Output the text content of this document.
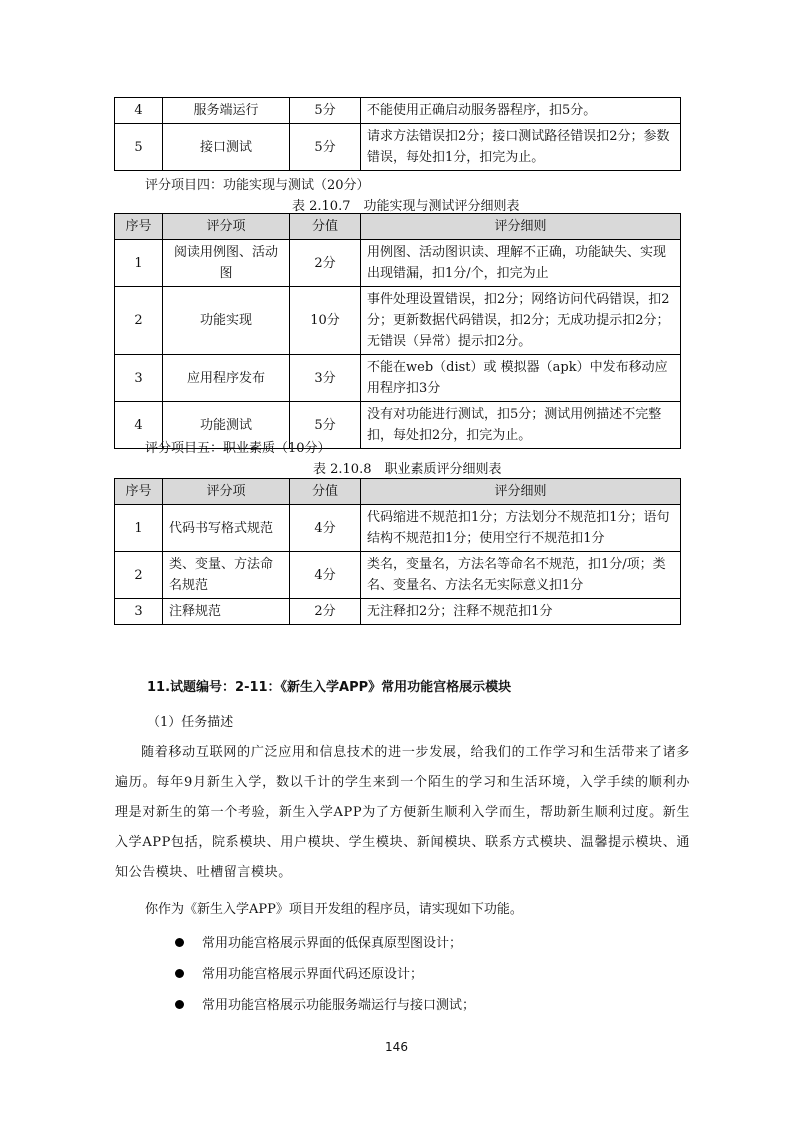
4	服务端运行	5分	不能使用正确启动服务器程序，扣5分。
5	接口测试	5分	请求方法错误扣2分；接口测试路径错误扣2分；参数错误，每处扣1分，扣完为止。
评分项目四：功能实现与测试（20分）
表 2.10.7　功能实现与测试评分细则表
序号	评分项	分值	评分细则
1	阅读用例图、活动图	2分	用例图、活动图识读、理解不正确，功能缺失、实现出现错漏，扣1分/个，扣完为止
2	功能实现	10分	事件处理设置错误，扣2分；网络访问代码错误，扣2分；更新数据代码错误，扣2分；无成功提示扣2分；无错误（异常）提示扣2分。
3	应用程序发布	3分	不能在web（dist）或 模拟器（apk）中发布移动应用程序扣3分
4	功能测试	5分	没有对功能进行测试，扣5分；测试用例描述不完整扣，每处扣2分，扣完为止。
评分项目五：职业素质（10分）
表 2.10.8　职业素质评分细则表
序号	评分项	分值	评分细则
1	代码书写格式规范	4分	代码缩进不规范扣1分；方法划分不规范扣1分；语句结构不规范扣1分；使用空行不规范扣1分
2	类、变量、方法命名规范	4分	类名，变量名，方法名等命名不规范，扣1分/项；类名、变量名、方法名无实际意义扣1分
3	注释规范	2分	无注释扣2分；注释不规范扣1分
11.试题编号：2-11：《新生入学APP》常用功能宫格展示模块
（1）任务描述
随着移动互联网的广泛应用和信息技术的进一步发展，给我们的工作学习和生活带来了诸多遍历。每年9月新生入学，数以千计的学生来到一个陌生的学习和生活环境，入学手续的顺利办理是对新生的第一个考验，新生入学APP为了方便新生顺利入学而生，帮助新生顺利过度。新生入学APP包括，院系模块、用户模块、学生模块、新闻模块、联系方式模块、温馨提示模块、通知公告模块、吐槽留言模块。
你作为《新生入学APP》项目开发组的程序员，请实现如下功能。
常用功能宫格展示界面的低保真原型图设计；
常用功能宫格展示界面代码还原设计；
常用功能宫格展示功能服务端运行与接口测试；
146
